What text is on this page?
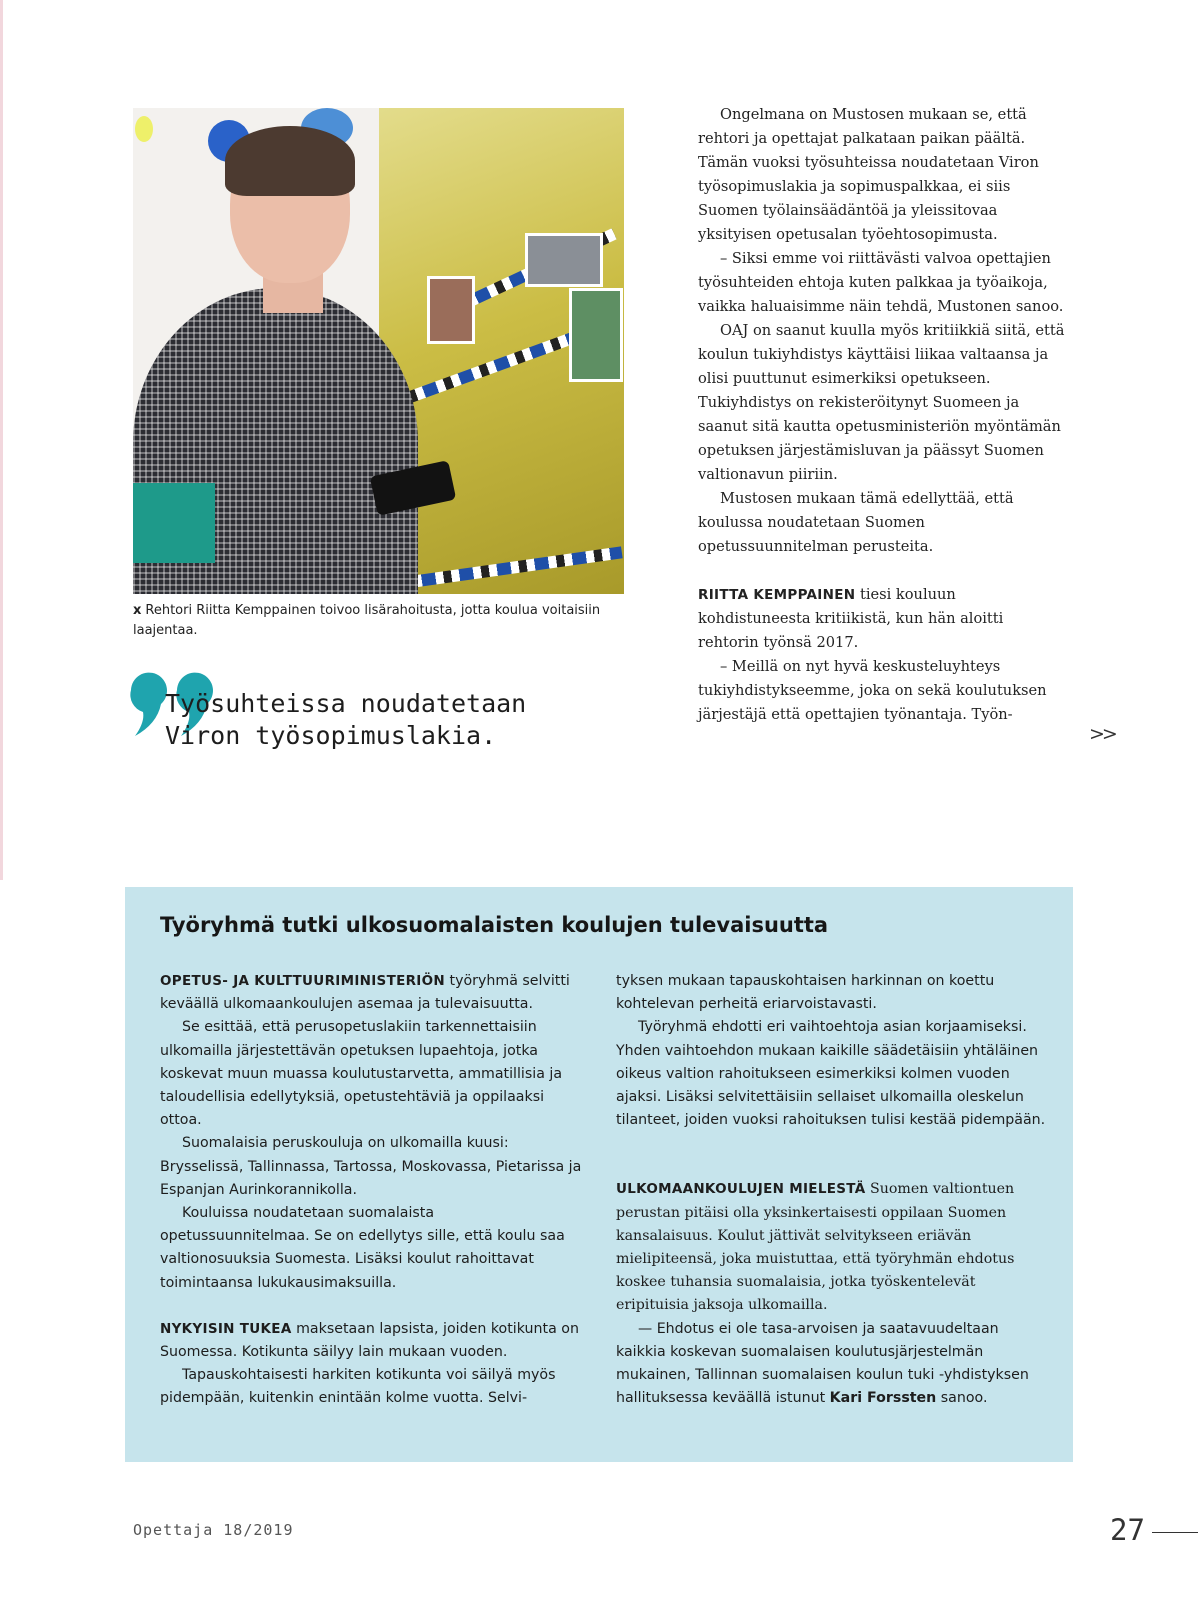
x Rehtori Riitta Kemppainen toivoo lisärahoitusta, jotta koulua voitaisiin laajentaa.
Työsuhteissa noudatetaan
Viron työsopimuslakia.

Ongelmana on Mustosen mukaan se, että rehtori ja opettajat palkataan paikan päältä. Tämän vuoksi työsuhteissa noudatetaan Viron työsopimuslakia ja sopimuspalkkaa, ei siis Suomen työlainsäädäntöä ja yleissitovaa yksityisen opetusalan työehtosopimusta.

– Siksi emme voi riittävästi valvoa opettajien työsuhteiden ehtoja kuten palkkaa ja työaikoja, vaikka haluaisimme näin tehdä, Mustonen sanoo.

OAJ on saanut kuulla myös kritiikkiä siitä, että koulun tukiyhdistys käyttäisi liikaa valtaansa ja olisi puuttunut esimerkiksi opetukseen. Tukiyhdistys on rekisteröitynyt Suomeen ja saanut sitä kautta opetusministeriön myöntämän opetuksen järjestämisluvan ja päässyt Suomen valtionavun piiriin.

Mustosen mukaan tämä edellyttää, että koulussa noudatetaan Suomen opetussuunnitelman perusteita.

RIITTA KEMPPAINEN tiesi kouluun kohdistuneesta kritiikistä, kun hän aloitti rehtorin työnsä 2017.

– Meillä on nyt hyvä keskusteluyhteys tukiyhdistykseemme, joka on sekä koulutuksen järjestäjä että opettajien työnantaja. Työn-

>>
Työryhmä tutki ulkosuomalaisten koulujen tulevaisuutta

OPETUS- JA KULTTUURIMINISTERIÖN työryhmä selvitti keväällä ulkomaankoulujen asemaa ja tulevaisuutta.

Se esittää, että perusopetuslakiin tarkennettaisiin ulkomailla järjestettävän opetuksen lupaehtoja, jotka koskevat muun muassa koulutustarvetta, ammatillisia ja taloudellisia edellytyksiä, opetustehtäviä ja oppilaaksi ottoa.

Suomalaisia peruskouluja on ulkomailla kuusi: Brysselissä, Tallinnassa, Tartossa, Moskovassa, Pietarissa ja Espanjan Aurinkorannikolla.

Kouluissa noudatetaan suomalaista opetussuunnitelmaa. Se on edellytys sille, että koulu saa valtionosuuksia Suomesta. Lisäksi koulut rahoittavat toimintaansa lukukausimaksuilla.

NYKYISIN TUKEA maksetaan lapsista, joiden kotikunta on Suomessa. Kotikunta säilyy lain mukaan vuoden.

Tapauskohtaisesti harkiten kotikunta voi säilyä myös pidempään, kuitenkin enintään kolme vuotta. Selvi-

tyksen mukaan tapauskohtaisen harkinnan on koettu kohtelevan perheitä eriarvoistavasti.

Työryhmä ehdotti eri vaihtoehtoja asian korjaamiseksi. Yhden vaihtoehdon mukaan kaikille säädetäisiin yhtäläinen oikeus valtion rahoitukseen esimerkiksi kolmen vuoden ajaksi. Lisäksi selvitettäisiin sellaiset ulkomailla oleskelun tilanteet, joiden vuoksi rahoituksen tulisi kestää pidempään.

ULKOMAANKOULUJEN MIELESTÄ Suomen valtiontuen perustan pitäisi olla yksinkertaisesti oppilaan Suomen kansalaisuus. Koulut jättivät selvitykseen eriävän mielipiteensä, joka muistuttaa, että työryhmän ehdotus koskee tuhansia suomalaisia, jotka työskentelevät eripituisia jaksoja ulkomailla.

— Ehdotus ei ole tasa-arvoisen ja saatavuudeltaan kaikkia koskevan suomalaisen koulutusjärjestelmän mukainen, Tallinnan suomalaisen koulun tuki -yhdistyksen hallituksessa keväällä istunut Kari Forssten sanoo.

Opettaja 18/2019	27
